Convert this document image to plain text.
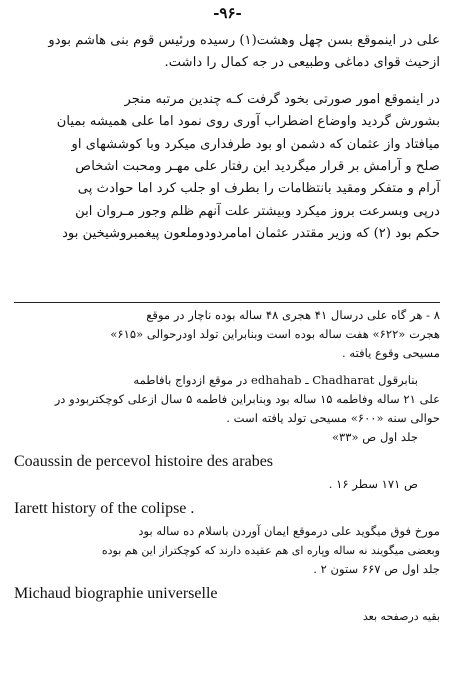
-۹۶-

علی در اینموقع بسن چهل وهشت(۱) رسیده ورئیس قوم بنی هاشم بودو

ازحیث قوای دماغی وطبیعی در جه کمال را داشت.

در اینموقع امور صورتی بخود گرفت کـه چندین مرتبه منجر

بشورش گردید واوضاع اضطراب آوری روی نمود اما علی همیشه بمیان

میافتاد واز عثمان که دشمن او بود طرفداری میکرد وبا کوششهای او

صلح و آرامش بر قرار میگردید این رفتار علی مهـر ومحبت اشخاص

آرام و متفکر ومقید بانتظامات را بطرف او جلب کرد اما حوادث پی

درپی وبسرعت بروز میکرد وبیشتر علت آنهم ظلم وجور مـروان ابن

حکم بود (۲) که وزیر مقتدر عثمان امامردودوملعون پیغمبروشیخین بود

۸ - هر گاه علی درسال ۴۱ هجری ۴۸ ساله بوده ناچار در موقع
هجرت «۶۲۲» هفت ساله بوده است وبنابراین تولد اودرحوالی «۶۱۵»
مسیحی وقوع یافته .
بنابرقول Chadharat ـ edhahab در موقع ازدواج بافاطمه
علی ۲۱ ساله وفاطمه ۱۵ ساله بود وبنابراین فاطمه ۵ سال ازعلی کوچکتربودو در
حوالی سنه «۶۰۰» مسیحی تولد یافته است .
جلد اول ص «۳۳»
Coaussin de percevol histoire des arabes
ص ۱۷۱ سطر ۱۶ .
Iarett history of the colipse .
مورخ فوق میگوید علی درموقع ایمان آوردن باسلام ده ساله بود
وبعضی میگویند نه ساله وپاره ای هم عقیده دارند که کوچکتراز این هم بوده
جلد اول ص ۶۶۷ ستون ۲ .
Michaud biographie universelle
بقیه درصفحه بعد
